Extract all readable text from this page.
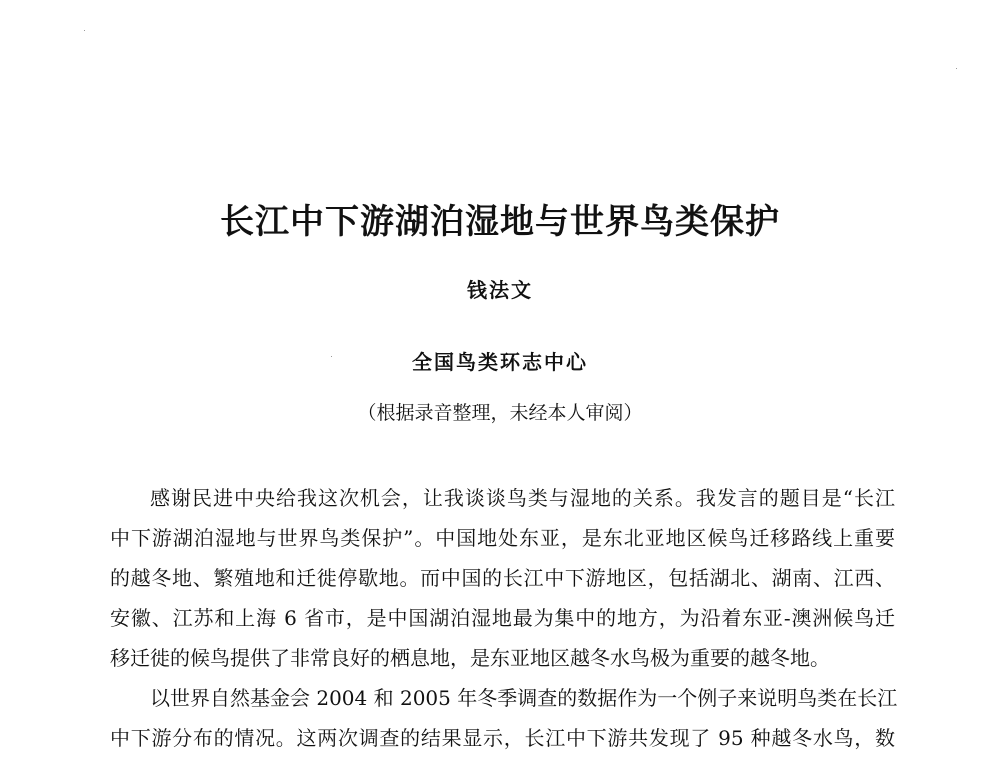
长江中下游湖泊湿地与世界鸟类保护
钱法文
全国鸟类环志中心
（根据录音整理，未经本人审阅）
感谢民进中央给我这次机会，让我谈谈鸟类与湿地的关系。我发言的题目是“长江
中下游湖泊湿地与世界鸟类保护”。中国地处东亚，是东北亚地区候鸟迁移路线上重要
的越冬地、繁殖地和迁徙停歇地。而中国的长江中下游地区，包括湖北、湖南、江西、
安徽、江苏和上海 6 省市，是中国湖泊湿地最为集中的地方，为沿着东亚-澳洲候鸟迁
移迁徙的候鸟提供了非常良好的栖息地，是东亚地区越冬水鸟极为重要的越冬地。
以世界自然基金会 2004 和 2005 年冬季调查的数据作为一个例子来说明鸟类在长江
中下游分布的情况。这两次调查的结果显示，长江中下游共发现了 95 种越冬水鸟，数
